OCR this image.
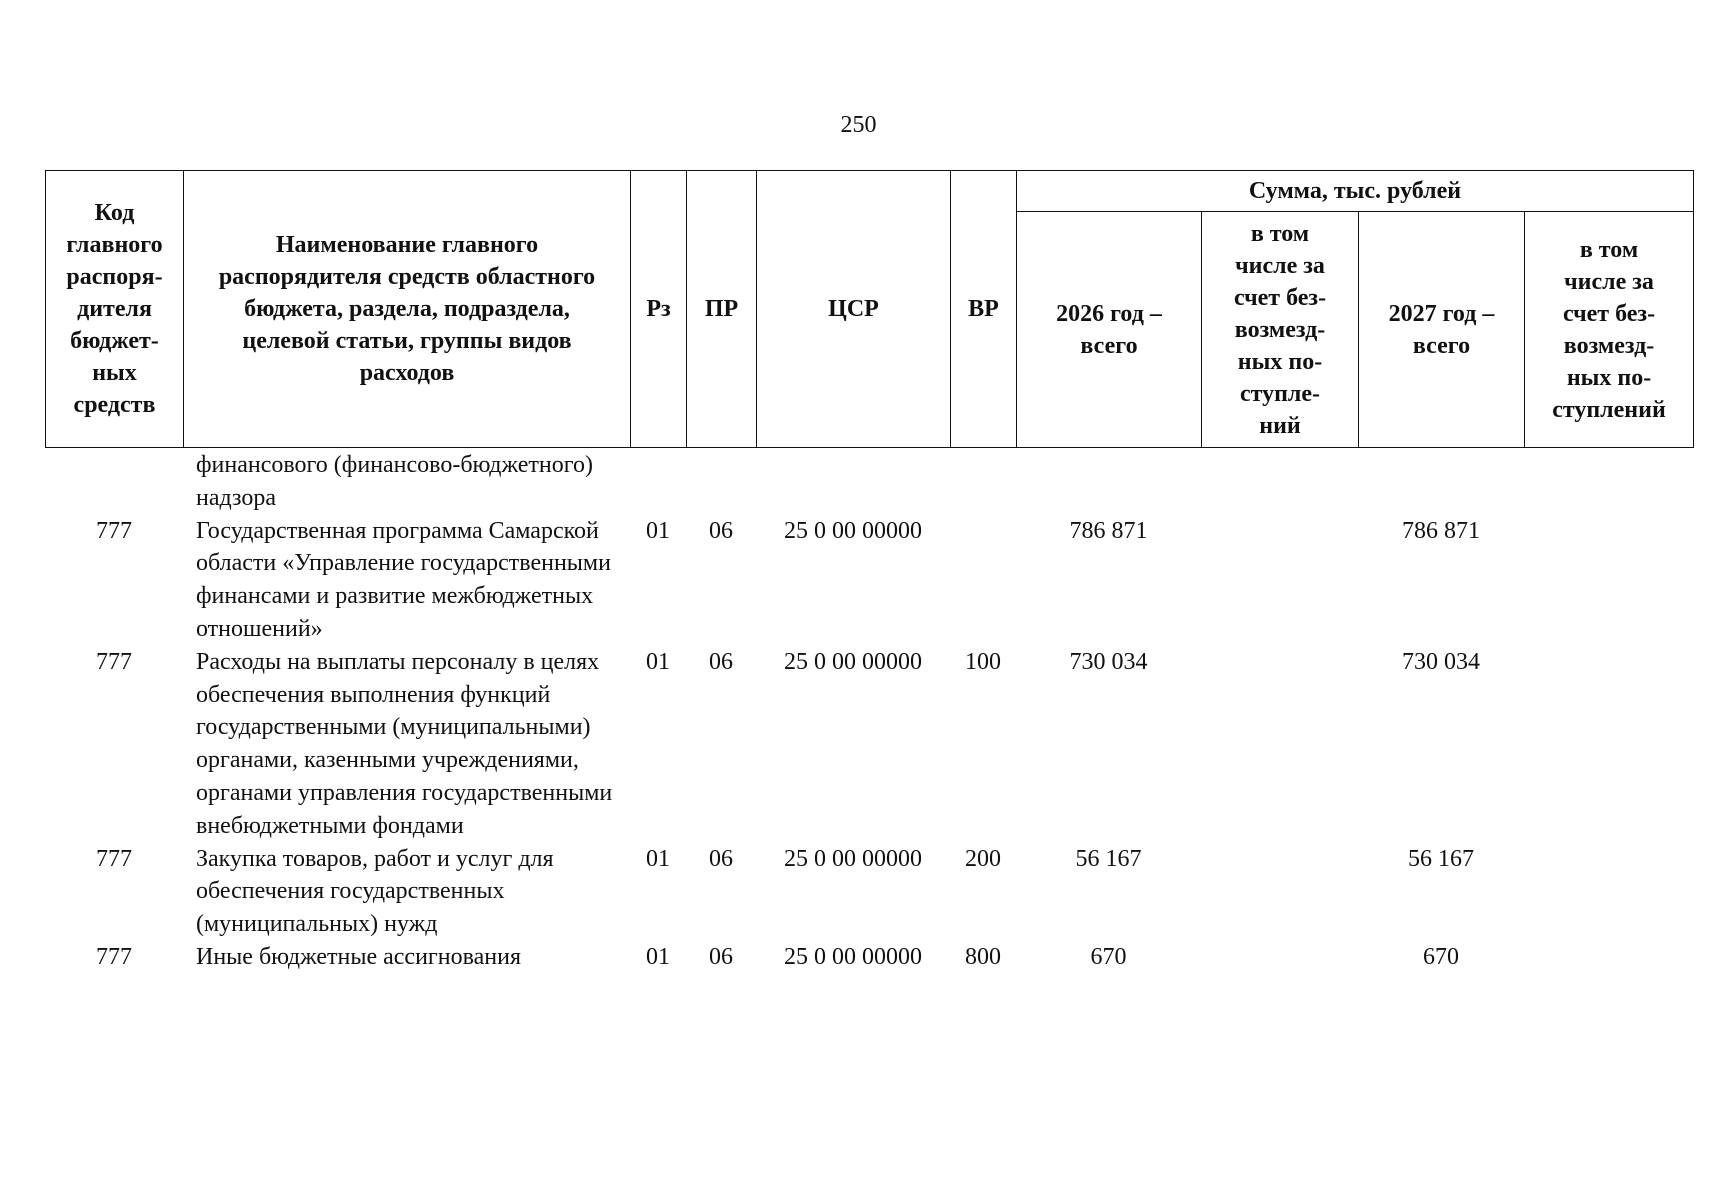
250
Код главного распоря- дителя бюджет- ных средств	Наименование главного распорядителя средств областного бюджета, раздела, подраздела, целевой статьи, группы видов расходов	Рз	ПР	ЦСР	ВР	Сумма, тыс. рублей			
						2026 год – всего	в том числе за счет без- возмезд- ных по- ступле- ний	2027 год – всего	в том числе за счет без- возмезд- ных по- ступлений
	финансового (финансово-бюджетного) надзора								
777	Государственная программа Самарской области «Управление государственными финансами и развитие межбюджетных отношений»	01	06	25 0 00 00000		786 871		786 871	
777	Расходы на выплаты персоналу в целях обеспечения выполнения функций государственными (муниципальными) органами, казенными учреждениями, органами управления государственными внебюджетными фондами	01	06	25 0 00 00000	100	730 034		730 034	
777	Закупка товаров, работ и услуг для обеспечения государственных (муниципальных) нужд	01	06	25 0 00 00000	200	56 167		56 167	
777	Иные бюджетные ассигнования	01	06	25 0 00 00000	800	670		670	
